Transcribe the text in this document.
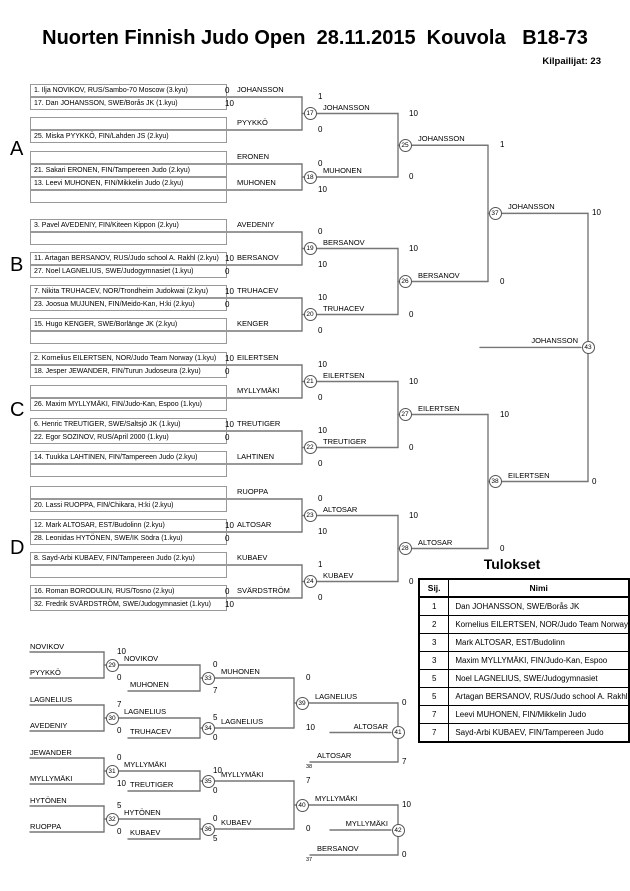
Nuorten Finnish Judo Open  28.11.2015  Kouvola   B18-73
Kilpailijat: 23
A
B
C
D
Tulokset
Sij.	Nimi
1	Dan JOHANSSON, SWE/Borås JK
2	Kornelius EILERTSEN, NOR/Judo Team Norway
3	Mark ALTOSAR, EST/Budolinn
3	Maxim MYLLYMÄKI, FIN/Judo-Kan, Espoo
5	Noel LAGNELIUS, SWE/Judogymnasiet
5	Artagan BERSANOV, RUS/Judo school A. Rakhl
7	Leevi MUHONEN, FIN/Mikkelin Judo
7	Sayd-Arbi KUBAEV, FIN/Tampereen Judo
1. Ilja NOVIKOV, RUS/Sambo-70 Moscow (3.kyu)	0
17. Dan JOHANSSON, SWE/Borås JK (1.kyu)	10
25. Miska PYYKKÖ, FIN/Lahden JS (2.kyu)
21. Sakari ERONEN, FIN/Tampereen Judo (2.kyu)
13. Leevi MUHONEN, FIN/Mikkelin Judo (2.kyu)
3. Pavel AVEDENIY, FIN/Kiteen Kippon (2.kyu)
11. Artagan BERSANOV, RUS/Judo school A. Rakhl (2.kyu) 10
27. Noel LAGNELIUS, SWE/Judogymnasiet (1.kyu)	0
7. Nikita TRUHACEV, NOR/Trondheim Judokwai (2.kyu)	10
23. Joosua MUJUNEN, FIN/Meido-Kan, H:ki (2.kyu)	0
15. Hugo KENGER, SWE/Borlänge JK (2.kyu)
2. Kornelius EILERTSEN, NOR/Judo Team Norway (1.kyu)	10
18. Jesper JEWANDER, FIN/Turun Judoseura (2.kyu)	0
26. Maxim MYLLYMÄKI, FIN/Judo-Kan, Espoo (1.kyu)
6. Henric TREUTIGER, SWE/Saltsjö JK (1.kyu)	10
22. Egor SOZINOV, RUS/April 2000 (1.kyu)	0
14. Tuukka LAHTINEN, FIN/Tampereen Judo (2.kyu)
20. Lassi RUOPPA, FIN/Chikara, H:ki (2.kyu)
12. Mark ALTOSAR, EST/Budolinn (2.kyu)	10
28. Leonidas HYTÖNEN, SWE/IK Södra (1.kyu)	0
8. Sayd-Arbi KUBAEV, FIN/Tampereen Judo (2.kyu)
16. Roman BORODULIN, RUS/Tosno (2.kyu)	0
32. Fredrik SVÄRDSTRÖM, SWE/Judogymnasiet (1.kyu)	10
JOHANSSON
PYYKKÖ
ERONEN
MUHONEN
AVEDENIY
BERSANOV
TRUHACEV
KENGER
EILERTSEN
MYLLYMÄKI
TREUTIGER
LAHTINEN
RUOPPA
ALTOSAR
KUBAEV
SVÄRDSTRÖM
17
1
0
JOHANSSON
18
0
10
MUHONEN
19
0
10
BERSANOV
20
10
0
TRUHACEV
21
10
0
EILERTSEN
22
10
0
TREUTIGER
23
0
10
ALTOSAR
24
1
0
KUBAEV
25
10
0
JOHANSSON
26
10
0
BERSANOV
27
10
0
EILERTSEN
28
10
0
ALTOSAR
37
1
0
JOHANSSON
38
10
0
EILERTSEN
43
10
0
JOHANSSON
NOVIKOV
PYYKKÖ
LAGNELIUS
AVEDENIY
JEWANDER
MYLLYMÄKI
HYTÖNEN
RUOPPA
29
10
0
NOVIKOV
30
7
0
LAGNELIUS
31
0
10
MYLLYMÄKI
32
5
0
HYTÖNEN
33
0
7
MUHONEN
MUHONEN
34
5
0
LAGNELIUS
TRUHACEV
35
10
0
MYLLYMÄKI
TREUTIGER
36
0
5
KUBAEV
KUBAEV
39
0
10
LAGNELIUS
40
7
0
MYLLYMÄKI
41
0
7
ALTOSAR
ALTOSAR
38
42
10
0
MYLLYMÄKI
BERSANOV
37
